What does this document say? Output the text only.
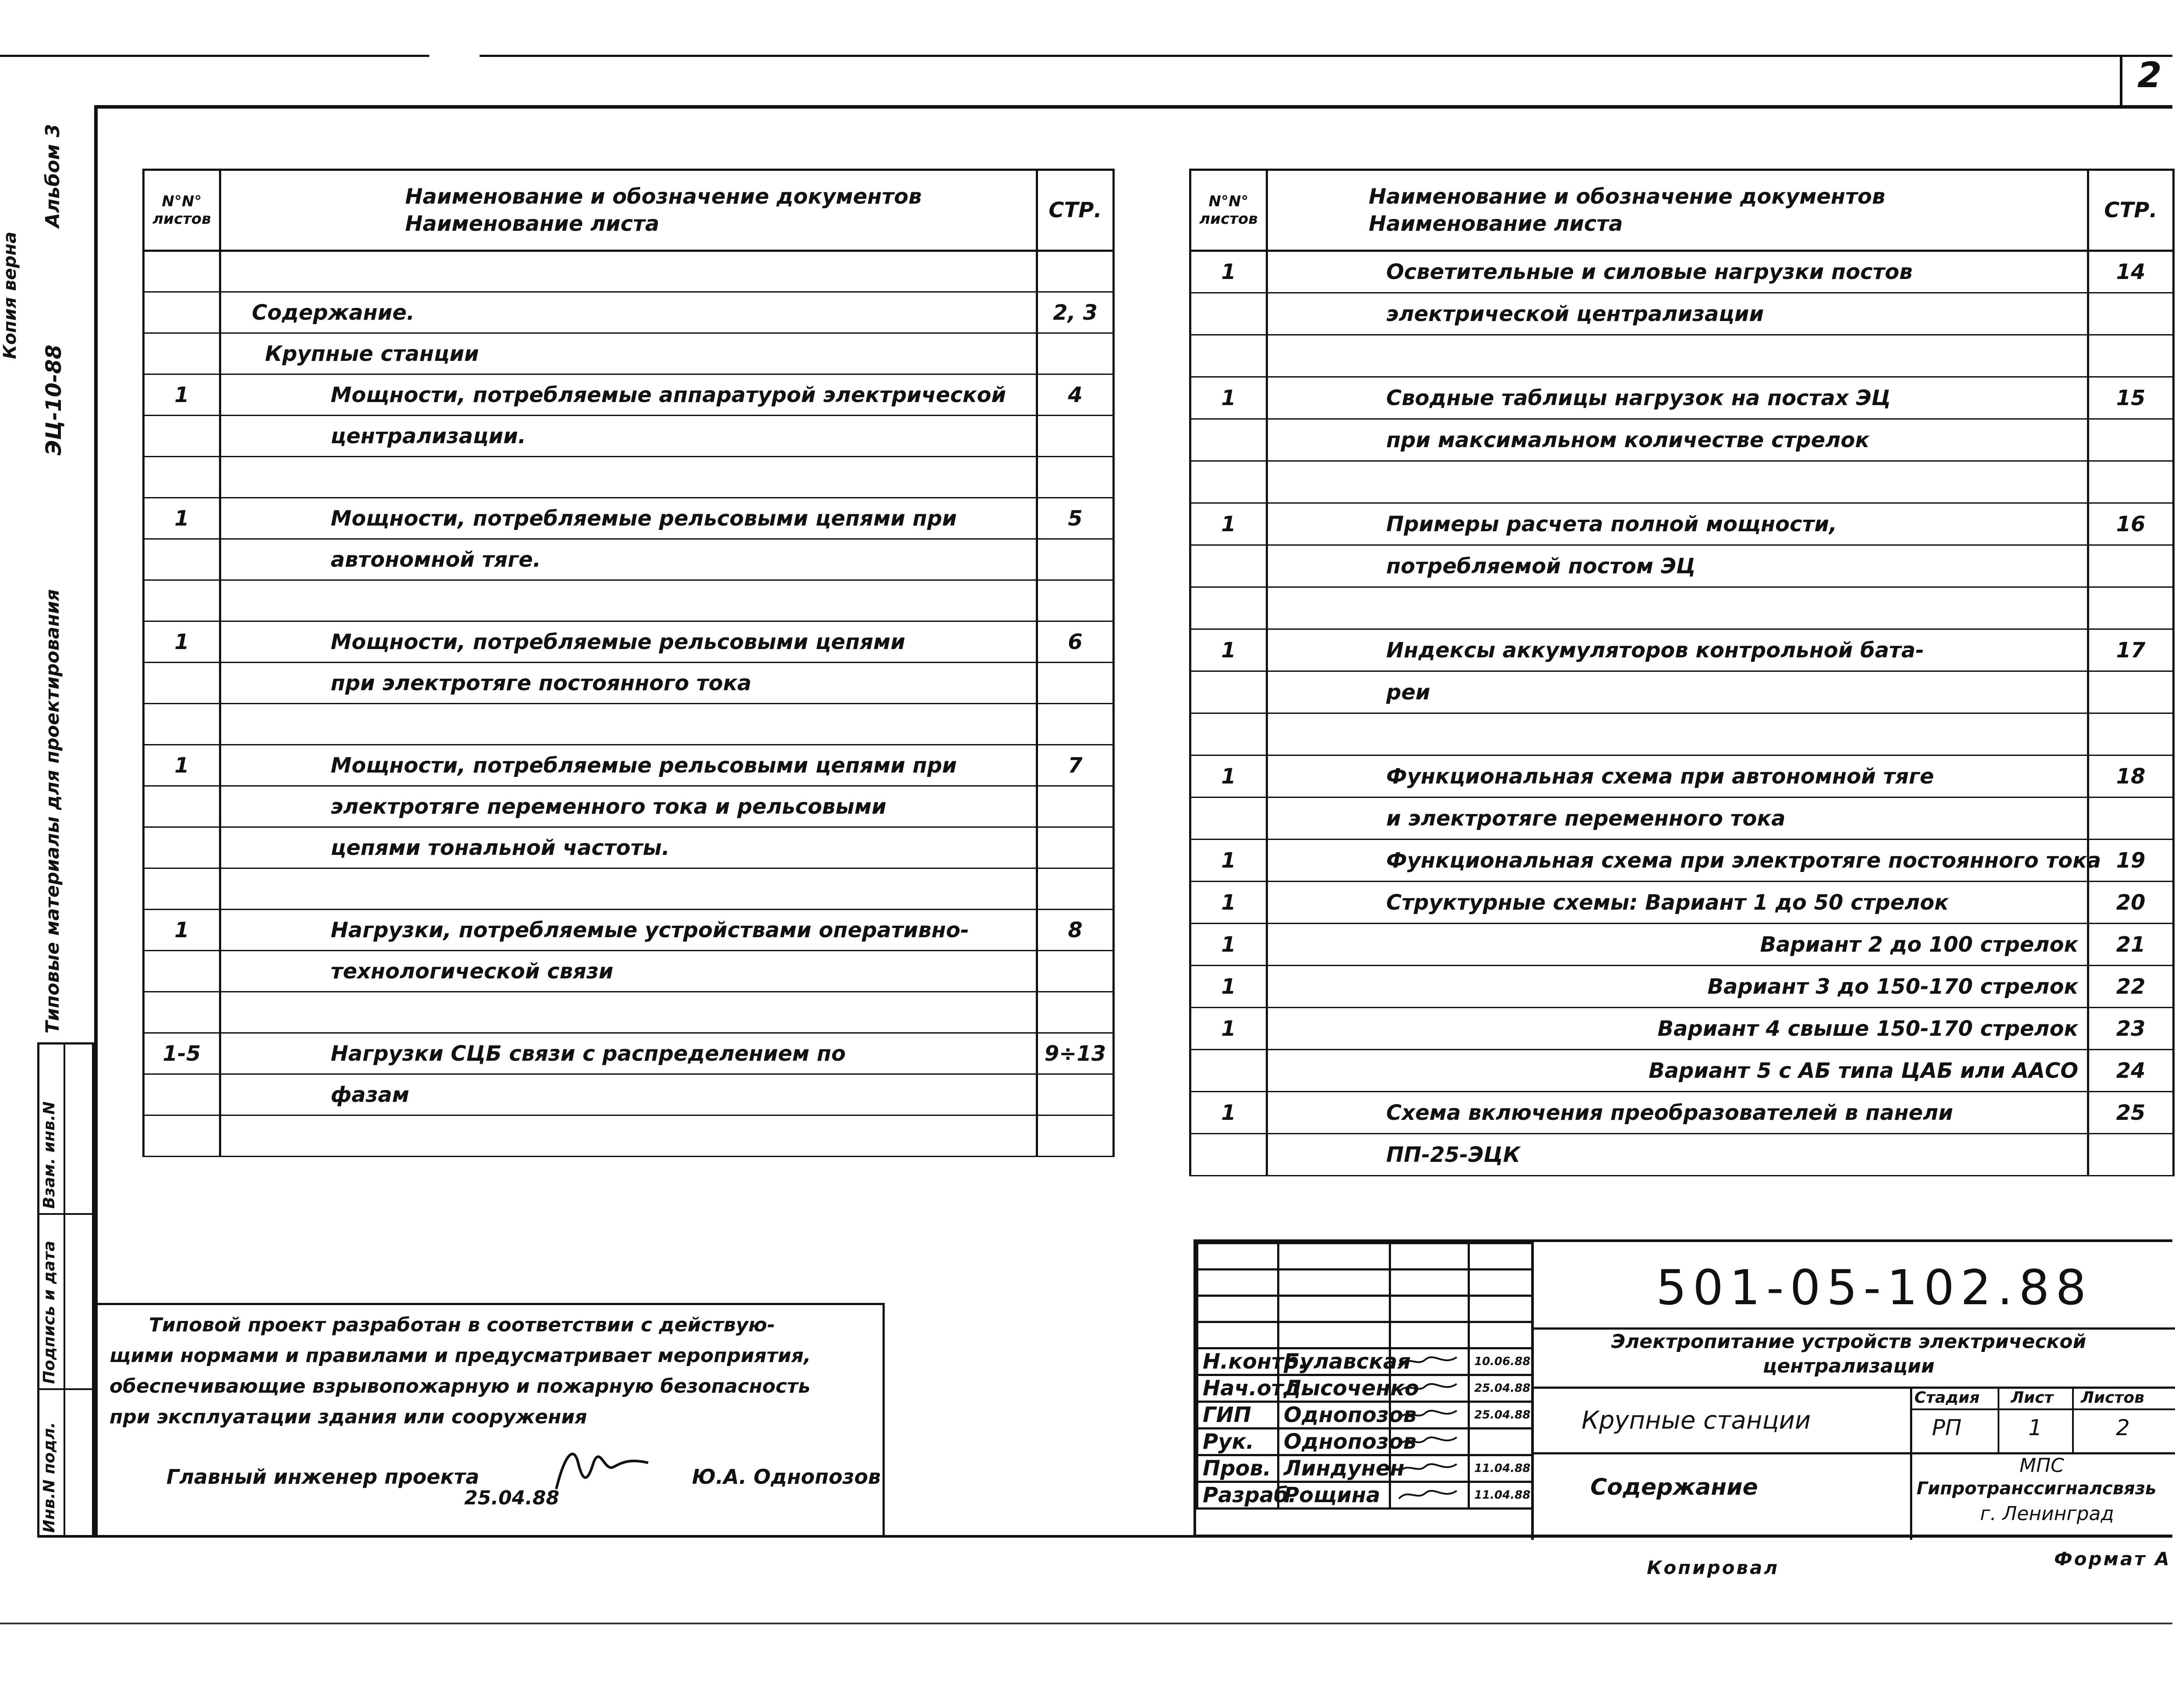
2
Копия верна
Альбом 3
ЭЦ-10-88
Типовые материалы для проектирования
Инв.N подл.
Подпись и дата
Взам. инв.N
N°N° листов	Наименование и обозначение документов
Наименование листа	СТР.

	Содержание.	2, 3
	Крупные станции	
1	Мощности, потребляемые аппаратурой электрической	4
	централизации.	

1	Мощности, потребляемые рельсовыми цепями при	5
	автономной тяге.	

1	Мощности, потребляемые рельсовыми цепями	6
	при электротяге постоянного тока	

1	Мощности, потребляемые рельсовыми цепями при	7
	электротяге переменного тока и рельсовыми	
	цепями тональной частоты.	

1	Нагрузки, потребляемые устройствами оперативно-	8
	технологической связи	

1-5	Нагрузки СЦБ связи с распределением по	9÷13
	фазам	

N°N° листов	Наименование и обозначение документов
Наименование листа	СТР.
1	Осветительные и силовые нагрузки постов	14
	электрической централизации	

1	Сводные таблицы нагрузок на постах ЭЦ	15
	при максимальном количестве стрелок	

1	Примеры расчета полной мощности,	16
	потребляемой постом ЭЦ	

1	Индексы аккумуляторов контрольной бата-	17
	реи	

1	Функциональная схема при автономной тяге	18
	и электротяге переменного тока	
1	Функциональная схема при электротяге постоянного тока	19
1	Структурные схемы: Вариант 1 до 50 стрелок	20
1	Вариант 2 до 100 стрелок	21
1	Вариант 3 до 150-170 стрелок	22
1	Вариант 4 свыше 150-170 стрелок	23
	Вариант 5 с АБ типа ЦАБ или ААСО	24
1	Схема включения преобразователей в панели	25
	ПП-25-ЭЦК	
Типовой проект разработан в соответствии с действую-
щими нормами и правилами и предусматривает мероприятия,
обеспечивающие взрывопожарную и пожарную безопасность
при эксплуатации здания или сооружения
Главный инженер проекта	Ю.А. Однопозов
25.04.88

Н.контр.	Булавская		10.06.88
Нач.отд.	Лысоченко		25.04.88
ГИП	Однопозов		25.04.88
Рук.	Однопозов		
Пров.	Линдунен		11.04.88
Разраб.	Рощина		11.04.88
501-05-102.88
Электропитание устройств электрической централизации
Крупные станции
Содержание
Стадия Лист Листов
РП	1	2
МПС
Гипротранссигналсвязь
г. Ленинград
Копировал	Формат А
